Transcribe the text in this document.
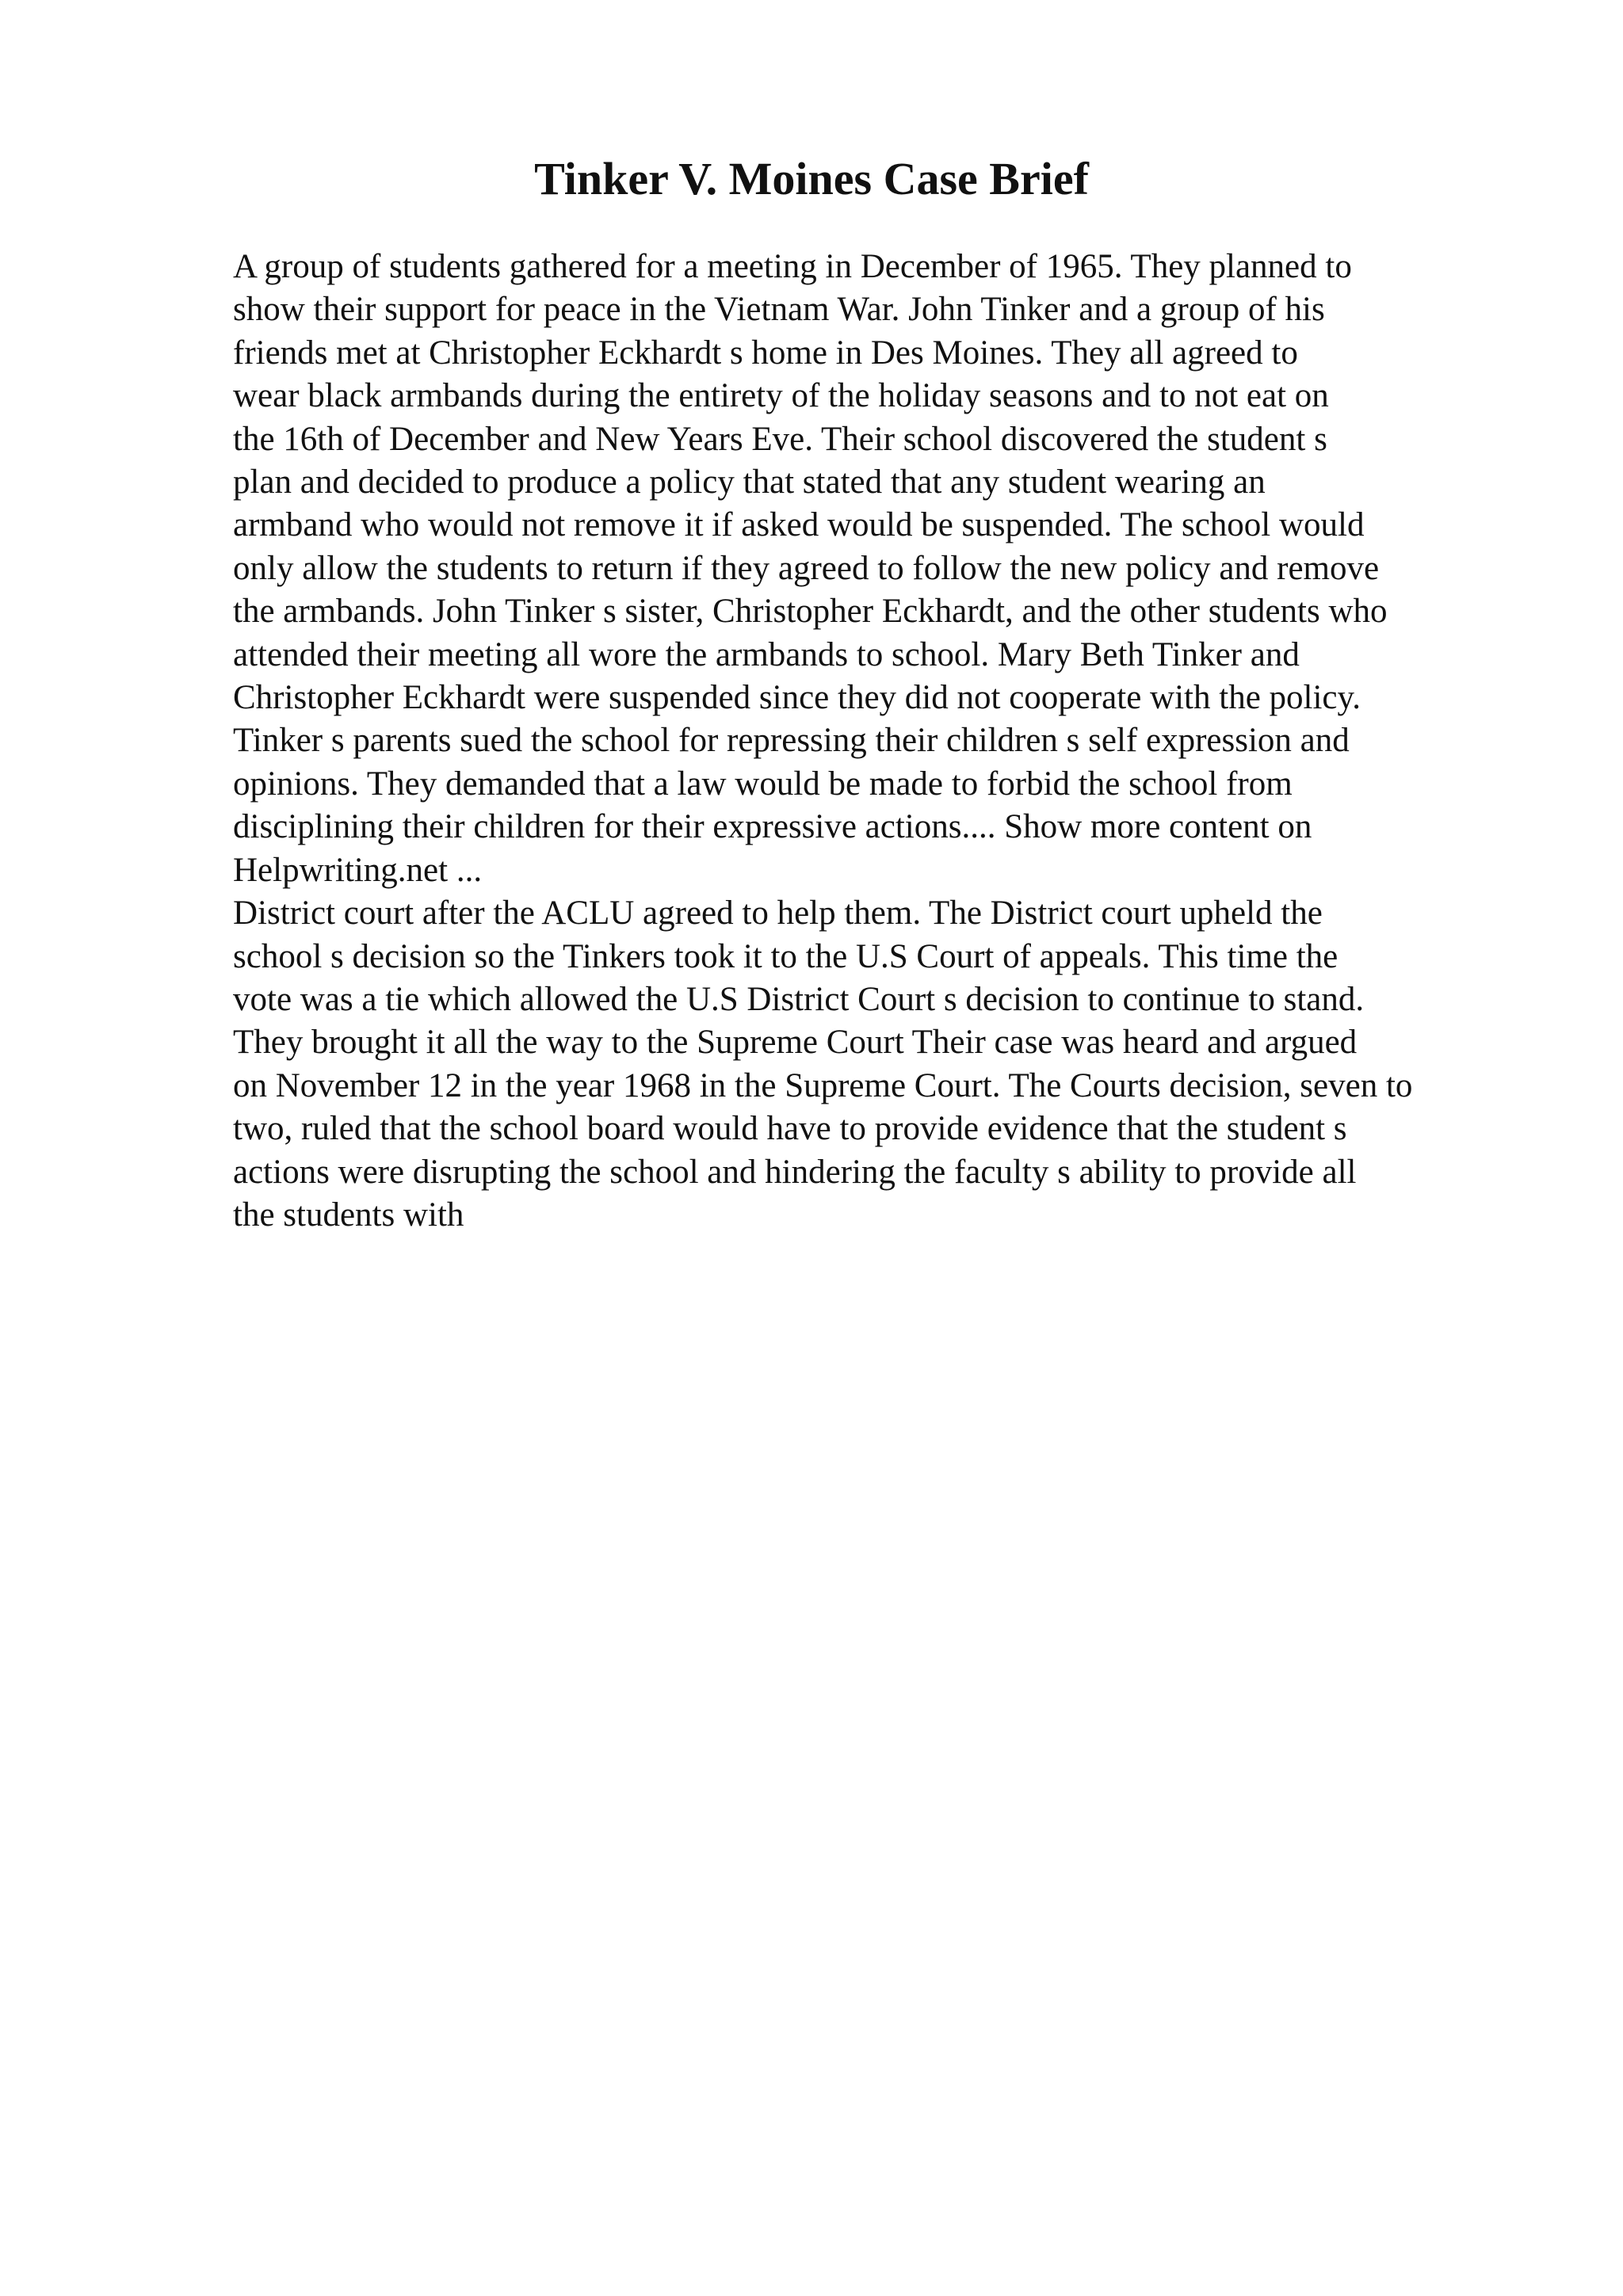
Tinker V. Moines Case Brief
A group of students gathered for a meeting in December of 1965. They planned to
show their support for peace in the Vietnam War. John Tinker and a group of his
friends met at Christopher Eckhardt s home in Des Moines. They all agreed to
wear black armbands during the entirety of the holiday seasons and to not eat on
the 16th of December and New Years Eve. Their school discovered the student s
plan and decided to produce a policy that stated that any student wearing an
armband who would not remove it if asked would be suspended. The school would
only allow the students to return if they agreed to follow the new policy and remove
the armbands. John Tinker s sister, Christopher Eckhardt, and the other students who
attended their meeting all wore the armbands to school. Mary Beth Tinker and
Christopher Eckhardt were suspended since they did not cooperate with the policy.
Tinker s parents sued the school for repressing their children s self expression and
opinions. They demanded that a law would be made to forbid the school from
disciplining their children for their expressive actions.... Show more content on
Helpwriting.net ...
District court after the ACLU agreed to help them. The District court upheld the
school s decision so the Tinkers took it to the U.S Court of appeals. This time the
vote was a tie which allowed the U.S District Court s decision to continue to stand.
They brought it all the way to the Supreme Court Their case was heard and argued
on November 12 in the year 1968 in the Supreme Court. The Courts decision, seven to
two, ruled that the school board would have to provide evidence that the student s
actions were disrupting the school and hindering the faculty s ability to provide all
the students with
